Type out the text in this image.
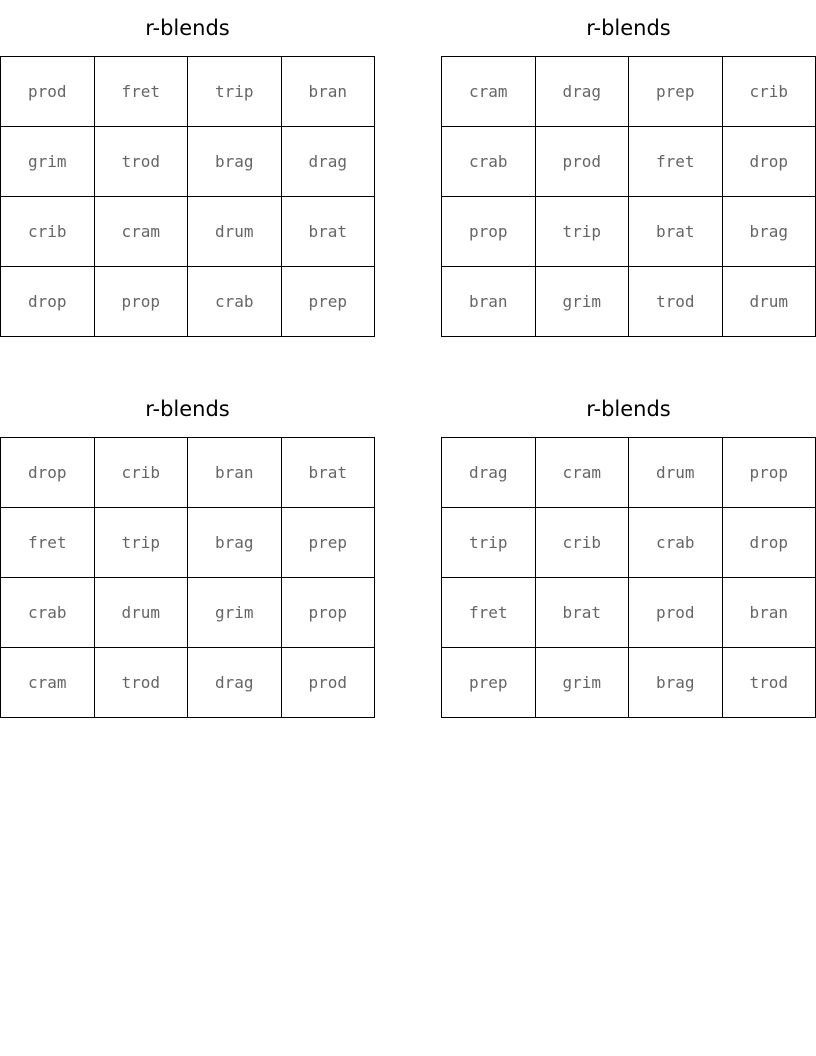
r-blends
prod	fret	trip	bran
grim	trod	brag	drag
crib	cram	drum	brat
drop	prop	crab	prep
r-blends
cram	drag	prep	crib
crab	prod	fret	drop
prop	trip	brat	brag
bran	grim	trod	drum
r-blends
drop	crib	bran	brat
fret	trip	brag	prep
crab	drum	grim	prop
cram	trod	drag	prod
r-blends
drag	cram	drum	prop
trip	crib	crab	drop
fret	brat	prod	bran
prep	grim	brag	trod
